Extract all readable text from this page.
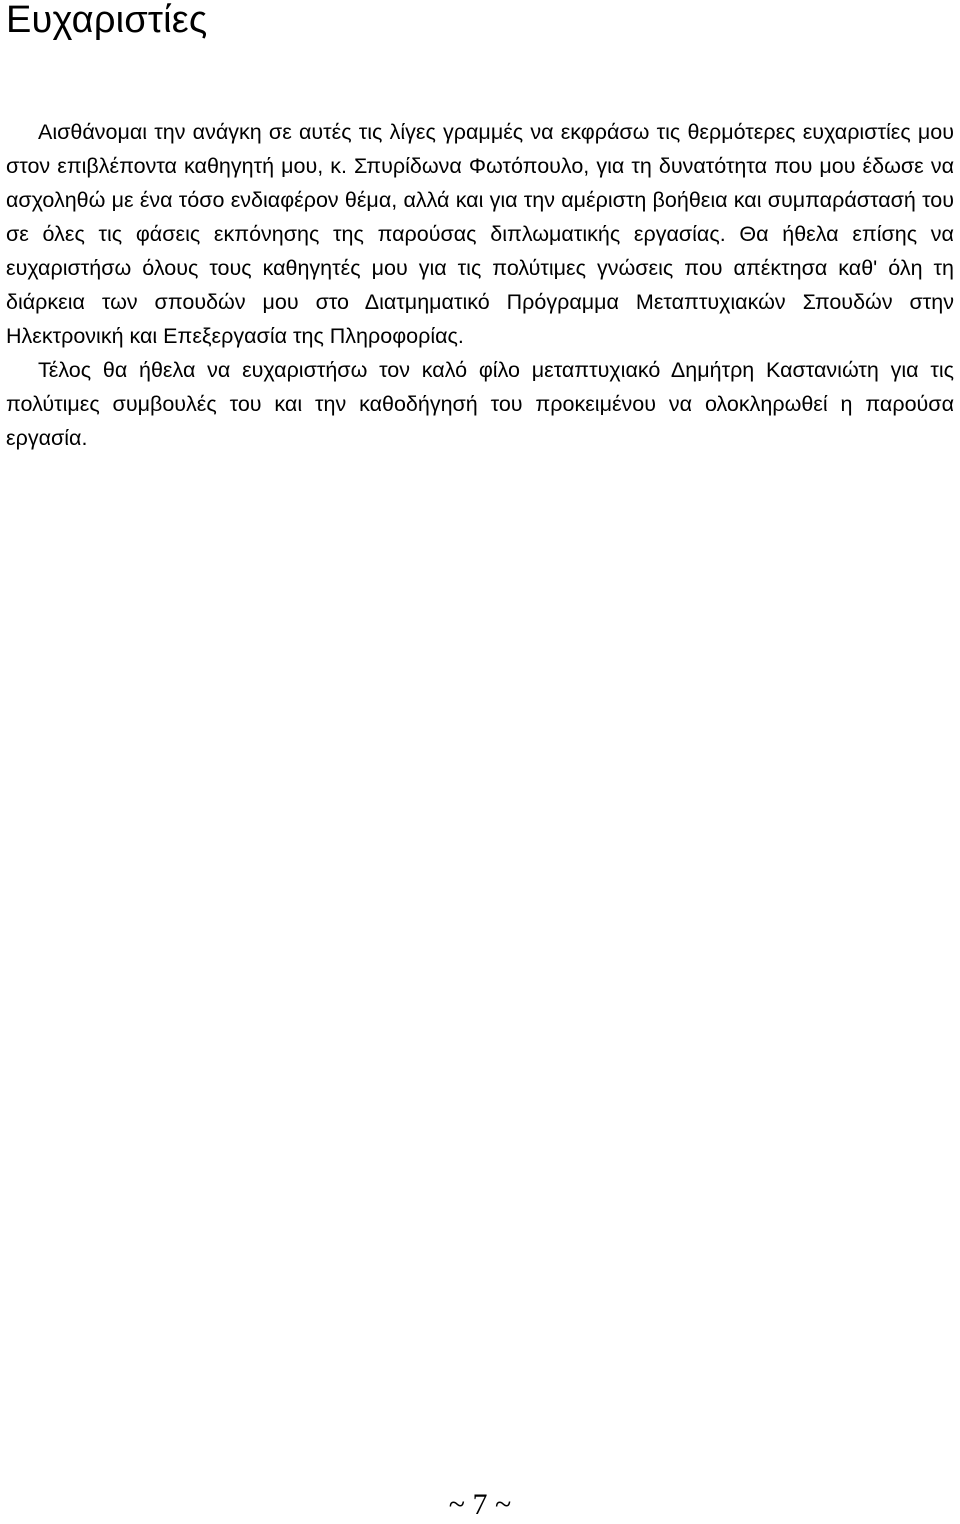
Ευχαριστίες

Αισθάνομαι την ανάγκη σε αυτές τις λίγες γραμμές να εκφράσω τις θερμότερες ευχαριστίες μου στον επιβλέποντα καθηγητή μου, κ. Σπυρίδωνα Φωτόπουλο, για τη δυνατότητα που μου έδωσε να ασχοληθώ με ένα τόσο ενδιαφέρον θέμα, αλλά και για την αμέριστη βοήθεια και συμπαράστασή του σε όλες τις φάσεις εκπόνησης της παρούσας διπλωματικής εργασίας. Θα ήθελα επίσης να ευχαριστήσω όλους τους καθηγητές μου για τις πολύτιμες γνώσεις που απέκτησα καθ' όλη τη διάρκεια των σπουδών μου στο Διατμηματικό Πρόγραμμα Μεταπτυχιακών Σπουδών στην Ηλεκτρονική και Επεξεργασία της Πληροφορίας.

Τέλος θα ήθελα να ευχαριστήσω τον καλό φίλο μεταπτυχιακό Δημήτρη Καστανιώτη για τις πολύτιμες συμβουλές του και την καθοδήγησή του προκειμένου να ολοκληρωθεί η παρούσα εργασία.

~ 7 ~
